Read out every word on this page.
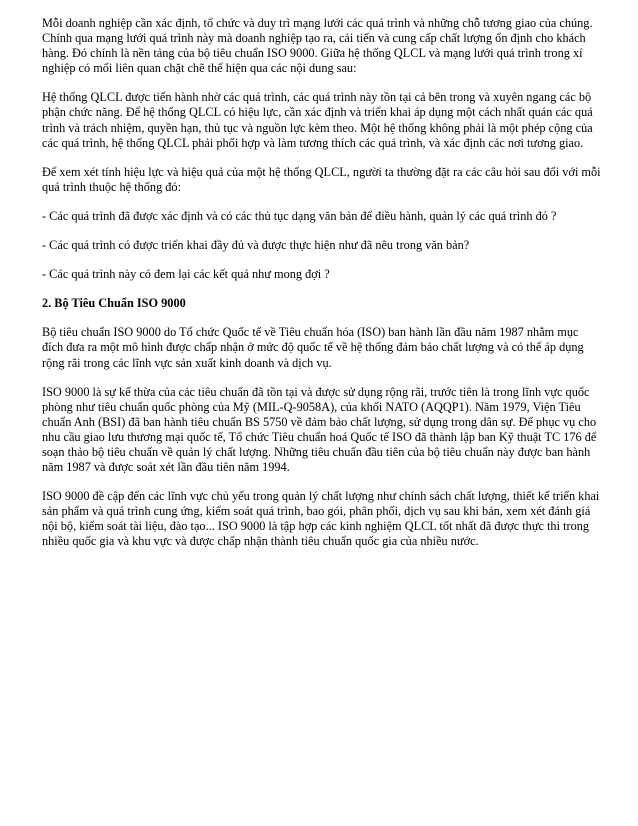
Mỗi doanh nghiệp cần xác định, tổ chức và duy trì mạng lưới các quá trình và những chỗ tương giao của chúng. Chính qua mạng lưới quá trình này mà doanh nghiệp tạo ra, cải tiến và cung cấp chất lượng ổn định cho khách hàng. Đó chính là nền tảng của bộ tiêu chuẩn ISO 9000. Giữa hệ thống QLCL và mạng lưới quá trình trong xí nghiệp có mối liên quan chặt chẽ thể hiện qua các nội dung sau:

Hệ thống QLCL được tiến hành nhờ các quá trình, các quá trình này tồn tại cả bên trong và xuyên ngang các bộ phận chức năng. Để hệ thống QLCL có hiệu lực, cần xác định và triển khai áp dụng một cách nhất quán các quá trình và trách nhiệm, quyền hạn, thủ tục và nguồn lực kèm theo. Một hệ thống không phải là một phép cộng của các quá trình, hệ thống QLCL phải phối hợp và làm tương thích các quá trình, và xác định các nơi tương giao.

Để xem xét tính hiệu lực và hiệu quả của một hệ thống QLCL, người ta thường đặt ra các câu hỏi sau đối với mỗi quá trình thuộc hệ thống đó:

- Các quá trình đã được xác định và có các thủ tục dạng văn bản để điều hành, quản lý các quá trình đó ?

- Các quá trình có được triển khai đầy đủ và được thực hiện như đã nêu trong văn bản?

- Các quá trình này có đem lại các kết quả như mong đợi ?

2. Bộ Tiêu Chuẩn ISO 9000

Bộ tiêu chuẩn ISO 9000 do Tổ chức Quốc tế về Tiêu chuẩn hóa (ISO) ban hành lần đầu năm 1987 nhằm mục đích đưa ra một mô hình được chấp nhận ở mức độ quốc tế về hệ thống đảm bảo chất lượng và có thể áp dụng rộng rãi trong các lĩnh vực sản xuất kinh doanh và dịch vụ.

ISO 9000 là sự kế thừa của các tiêu chuẩn đã tồn tại và được sử dụng rộng rãi, trước tiên là trong lĩnh vực quốc phòng như tiêu chuẩn quốc phòng của Mỹ (MIL-Q-9058A), của khối NATO (AQQP1). Năm 1979, Viện Tiêu chuẩn Anh (BSI) đã ban hành tiêu chuẩn BS 5750 về đảm bảo chất lượng, sử dụng trong dân sự. Để phục vụ cho nhu cầu giao lưu thương mại quốc tế, Tổ chức Tiêu chuẩn hoá Quốc tế ISO đã thành lập ban Kỹ thuật TC 176 để soạn thảo bộ tiêu chuẩn về quản lý chất lượng. Những tiêu chuẩn đầu tiên của bộ tiêu chuẩn này được ban hành năm 1987 và được soát xét lần đầu tiên năm 1994.

ISO 9000 đề cập đến các lĩnh vực chủ yếu trong quản lý chất lượng như chính sách chất lượng, thiết kế triển khai sản phẩm và quá trình cung ứng, kiểm soát quá trình, bao gói, phân phối, dịch vụ sau khi bán, xem xét đánh giá nội bộ, kiểm soát tài liệu, đào tạo... ISO 9000 là tập hợp các kinh nghiệm QLCL tốt nhất đã được thực thi trong nhiều quốc gia và khu vực và được chấp nhận thành tiêu chuẩn quốc gia của nhiều nước.
